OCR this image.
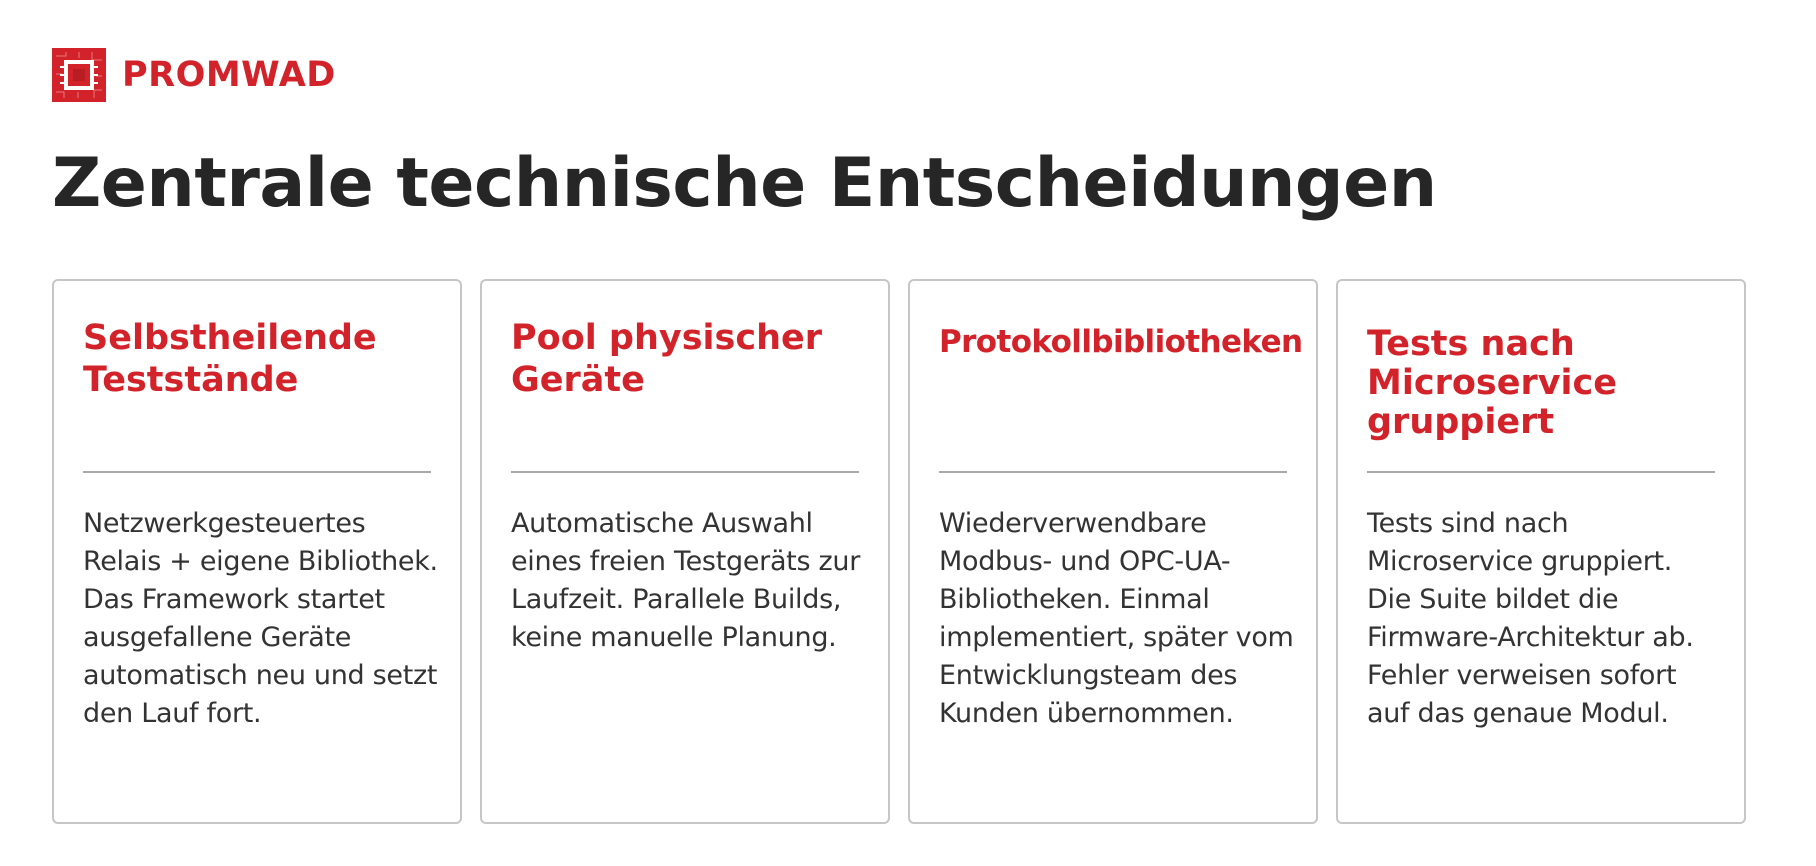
PROMWAD
Zentrale technische Entscheidungen
Selbstheilende Teststände

Netzwerkgesteuertes Relais + eigene Bibliothek. Das Framework startet ausgefallene Geräte automatisch neu und setzt den Lauf fort.

Pool physischer Geräte

Automatische Auswahl eines freien Testgeräts zur Laufzeit. Parallele Builds, keine manuelle Planung.

Protokollbibliotheken

Wiederverwendbare Modbus- und OPC-UA-Bibliotheken. Einmal implementiert, später vom Entwicklungsteam des Kunden übernommen.

Tests nach Microservice gruppiert

Tests sind nach Microservice gruppiert. Die Suite bildet die Firmware-Architektur ab. Fehler verweisen sofort auf das genaue Modul.
